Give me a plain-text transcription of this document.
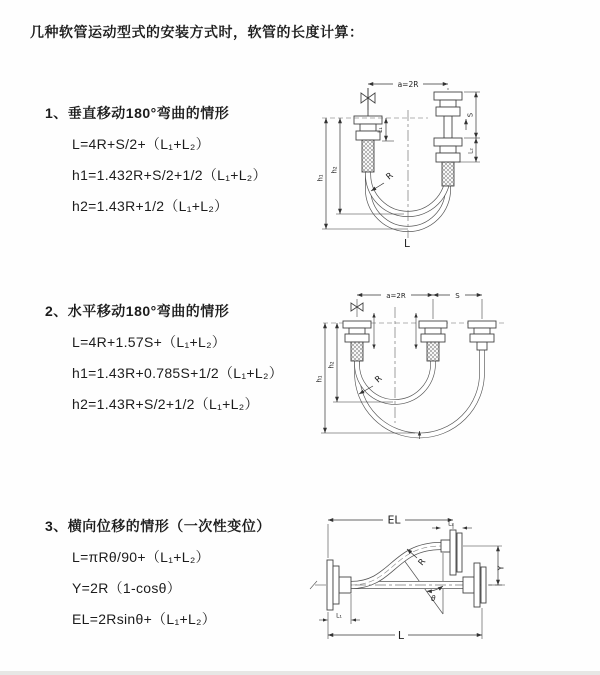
几种软管运动型式的安装方式时，软管的长度计算：
1、垂直移动180°弯曲的情形
L=4R+S/2+（L₁+L₂）
h1=1.432R+S/2+1/2（L₁+L₂）
h2=1.43R+1/2（L₁+L₂）
2、水平移动180°弯曲的情形
L=4R+1.57S+（L₁+L₂）
h1=1.43R+0.785S+1/2（L₁+L₂）
h2=1.43R+S/2+1/2（L₁+L₂）
3、横向位移的情形（一次性变位）
L=πRθ/90+（L₁+L₂）
Y=2R（1-cosθ）
EL=2Rsinθ+（L₁+L₂）
a=2R
h₁
h₂
L₁
S
L₂
R
L
a=2R	S
h₁
h₂
R
EL	L₂
Y
R
θ
L
L₁
